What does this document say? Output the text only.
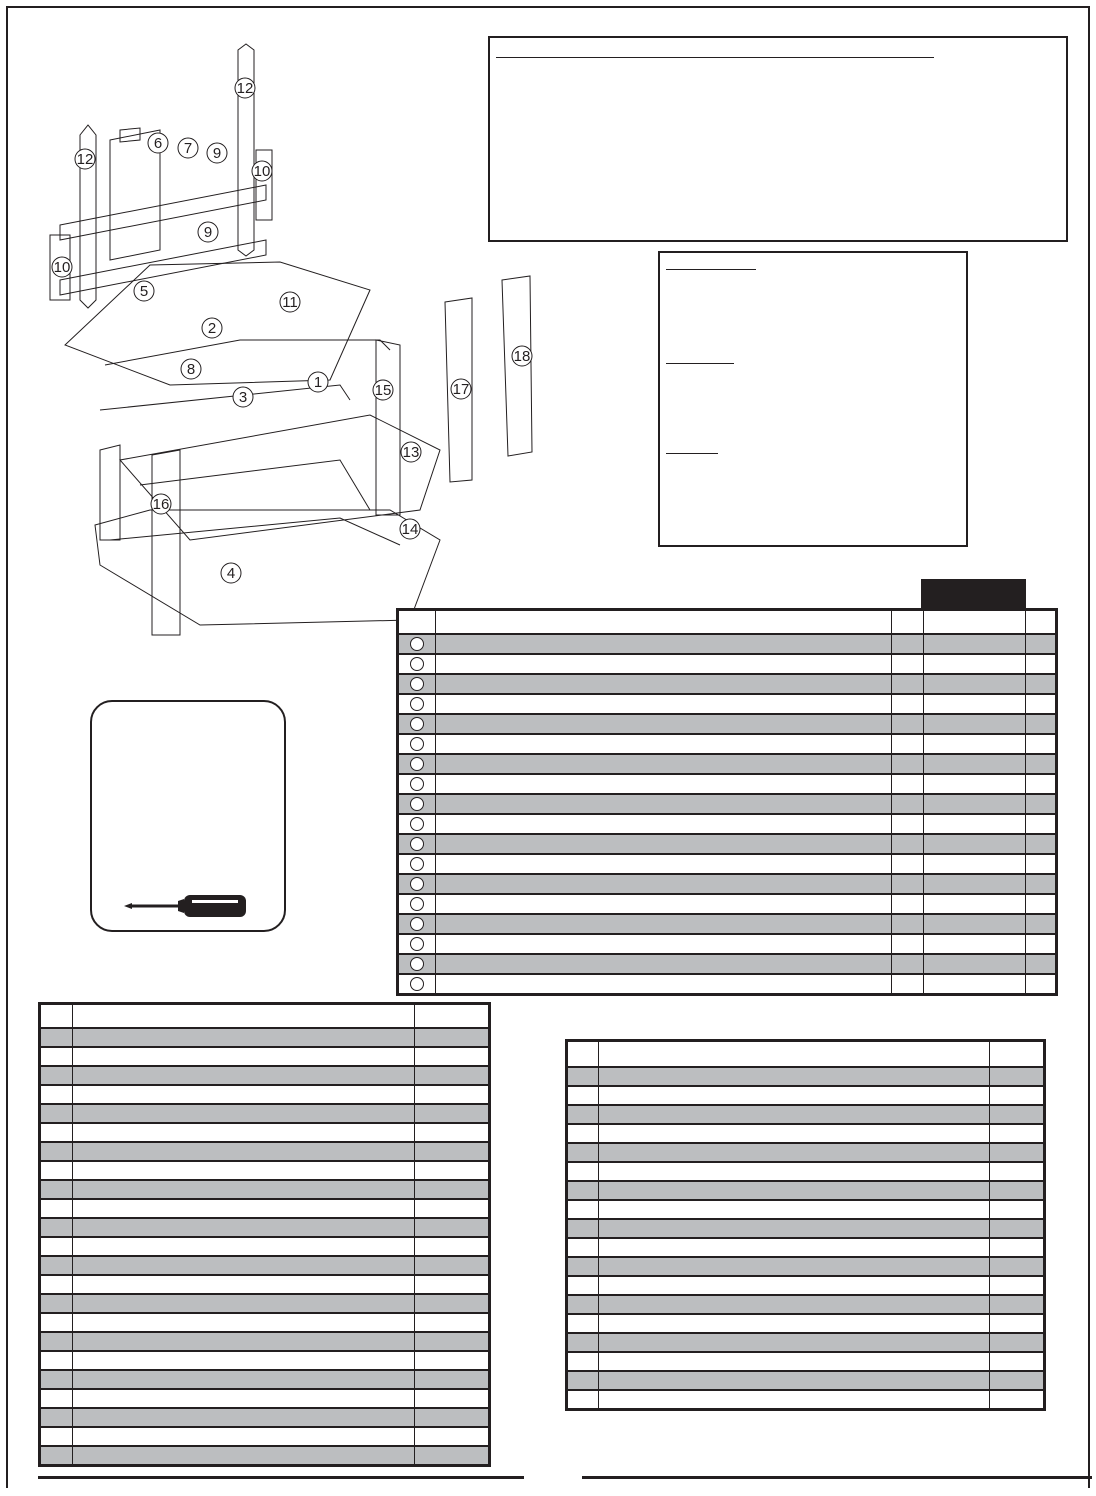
12
6 7 9
12
10
9
10
5
11
2
8
1
3	15	17
18
13
16
14
4
